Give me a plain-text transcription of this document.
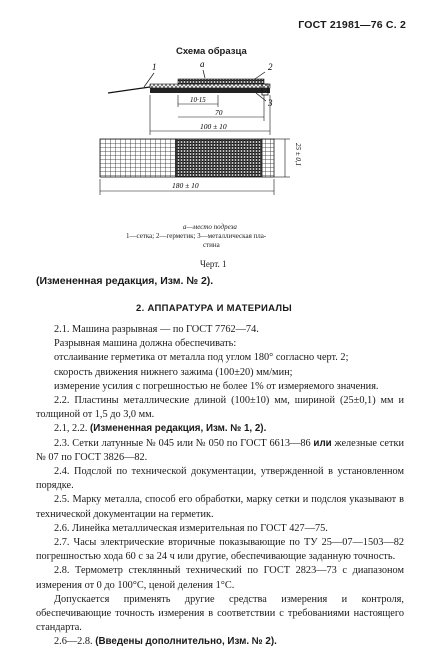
ГОСТ 21981—76 С. 2
Схема образца
1	a	2
3
10·15
70
100 ± 10
25 ± 0,1
180 ± 10
а—место подреза
1—сетка; 2—герметик; 3—металлическая пла-
стина
Черт. 1
(Измененная редакция, Изм. № 2).
2. АППАРАТУРА И МАТЕРИАЛЫ

2.1. Машина разрывная — по ГОСТ 7762—74.

Разрывная машина должна обеспечивать:

отслаивание герметика от металла под углом 180° согласно черт. 2;

скорость движения нижнего зажима (100±20) мм/мин;

измерение усилия с погрешностью не более 1% от измеряемого значения.

2.2. Пластины металлические длиной (100±10) мм, шириной (25±0,1) мм и толщиной от 1,5 до 3,0 мм.

2.1, 2.2. (Измененная редакция, Изм. № 1, 2).

2.3. Сетки латунные № 045 или № 050 по ГОСТ 6613—86 или железные сетки № 07 по ГОСТ 3826—82.

2.4. Подслой по технической документации, утвержденной в установленном порядке.

2.5. Марку металла, способ его обработки, марку сетки и подслоя указывают в технической документации на герметик.

2.6. Линейка металлическая измерительная по ГОСТ 427—75.

2.7. Часы электрические вторичные показывающие по ТУ 25—07—1503—82 погрешностью хода 60 с за 24 ч или другие, обеспечивающие заданную точность.

2.8. Термометр стеклянный технический по ГОСТ 2823—73 с диапазоном измерения от 0 до 100°С, ценой деления 1°С.

Допускается применять другие средства измерения и контроля, обеспечивающие точность измерения в соответствии с требованиями настоящего стандарта.

2.6—2.8. (Введены дополнительно, Изм. № 2).
